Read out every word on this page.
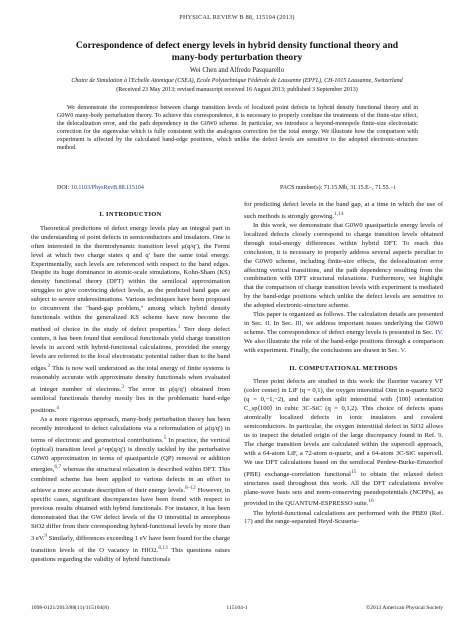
PHYSICAL REVIEW B 88, 115104 (2013)
Correspondence of defect energy levels in hybrid density functional theory and many-body perturbation theory
Wei Chen and Alfredo Pasquarello
Chaire de Simulation à l'Echelle Atomique (CSEA), Ecole Polytechnique Fédérale de Lausanne (EPFL), CH-1015 Lausanne, Switzerland
(Received 23 May 2013; revised manuscript received 16 August 2013; published 3 September 2013)
We demonstrate the correspondence between charge transition levels of localized point defects in hybrid density functional theory and in G0W0 many-body perturbation theory. To achieve this correspondence, it is necessary to properly combine the treatments of the finite-size effect, the delocalization error, and the path dependency in the G0W0 scheme. In particular, we introduce a beyond-monopole finite-size electrostatic correction for the eigenvalue which is fully consistent with the analogous correction for the total energy. We illustrate how the comparison with experiment is affected by the calculated band-edge positions, which unlike the defect levels are sensitive to the adopted electronic-structure method.
DOI: 10.1103/PhysRevB.88.115104	PACS number(s): 71.15.Mb, 31.15.E−, 71.55.−i
I. INTRODUCTION

Theoretical predictions of defect energy levels play an integral part in the understanding of point defects in semiconductors and insulators. One is often interested in the thermodynamic transition level μ(q/q′), the Fermi level at which two charge states q and q′ bare the same total energy. Experimentally, such levels are referenced with respect to the band edges. Despite its huge dominance in atomic-scale simulations, Kohn-Sham (KS) density functional theory (DFT) within the semilocal approximation struggles to give convincing defect levels, as the predicted band gaps are subject to severe underestimations. Various techniques have been proposed to circumvent the "band-gap problem," among which hybrid density functionals within the generalized KS scheme have now become the method of choice in the study of defect properties.$^1$ Terr deep defect centers, it has been found that semilocal functionals yield charge transition levels in accord with hybrid-functional calculations, provided the energy levels are referred to the local electrostatic potential rather than to the band edges.$^2$ This is now well understood as the total energy of finite systems is reasonably accurate with approximate density functionals when evaluated at integer number of electrons.$^3$ The error in μ(q/q′) obtained from semilocal functionals thereby mostly lies in the problematic band-edge positions.$^4$

As a more rigorous approach, many-body perturbation theory has been recently introduced to defect calculations via a reformulation of μ(q/q′) in terms of electronic and geometrical contributions.$^5$ In practice, the vertical (optical) transition level μ^op(q/q′) is directly tackled by the perturbative G0W0 approximation in terms of quasiparticle (QP) removal or addition energies,$^{6,7}$ whereas the structural relaxation is described within DFT. This combined scheme has been applied to various defects in an effort to achieve a more accurate description of their energy levels.$^{8-12}$ However, in specific cases, significant discrepancies have been found with respect to previous results obtained with hybrid functionals. For instance, it has been demonstrated that the GW defect levels of the O interstitial in amorphous SiO2 differ from their corresponding hybrid-functional levels by more than 3 eV.$^9$ Similarly, differences exceeding 1 eV have been found for the charge transition levels of the O vacancy in HfO2.$^{8,13}$ This questions raises questions regarding the validity of hybrid functionals

for predicting defect levels in the band gap, at a time in which the use of such methods is strongly growing.$^{1,14}$

In this work, we demonstrate that G0W0 quasiparticle energy levels of localized defects closely correspond to charge transition levels obtained through total-energy differences within hybrid DFT. To reach this conclusion, it is necessary to properly address several aspects peculiar to the G0W0 scheme, including finite-size effects, the delocalization error affecting vertical transitions, and the path dependency resulting from the combination with DFT structural relaxations. Furthermore, we highlight that the comparison of charge transition levels with experiment is mediated by the band-edge positions which unlike the defect levels are sensitive to the adopted electronic-structure scheme.

This paper is organized as follows. The calculation details are presented in Sec. II. In Sec. III, we address important issues underlying the G0W0 scheme. The correspondence of defect energy levels is presented in Sec. IV. We also illustrate the role of the band-edge positions through a comparison with experiment. Finally, the conclusions are drawn in Sec. V.

II. COMPUTATIONAL METHODS

Three point defects are studied in this work: the fluorine vacancy VF (color center) in LiF (q = 0,1), the oxygen interstitial Oint in α-quartz SiO2 (q = 0,−1,−2), and the carbon split interstitial with ⟨100⟩ orientation C_sp⟨100⟩ in cubic 3C-SiC (q = 0,1,2). This choice of defects spans atomically localized defects in ionic insulators and covalent semiconductors. In particular, the oxygen interstitial defect in SiO2 allows us to inspect the detailed origin of the large discrepancy found in Ref. 9. The charge transition levels are calculated within the supercell approach, with a 64-atom LiF, a 72-atom α-quartz, and a 64-atom 3C-SiC supercell. We use DFT calculations based on the semilocal Perdew-Burke-Ernzerhof (PBE) exchange-correlation functional$^{15}$ to obtain the relaxed defect structures used throughout this work. All the DFT calculations involve plane-wave basis sets and norm-conserving pseudopotentials (NCPPs), as provided in the QUANTUM-ESPRESSO suite.$^{16}$

The hybrid-functional calculations are performed with the PBE0 (Ref. 17) and the range-separated Heyd-Scuseria-

1098-0121/2013/88(11)/115104(8)	115104-1	©2013 American Physical Society
